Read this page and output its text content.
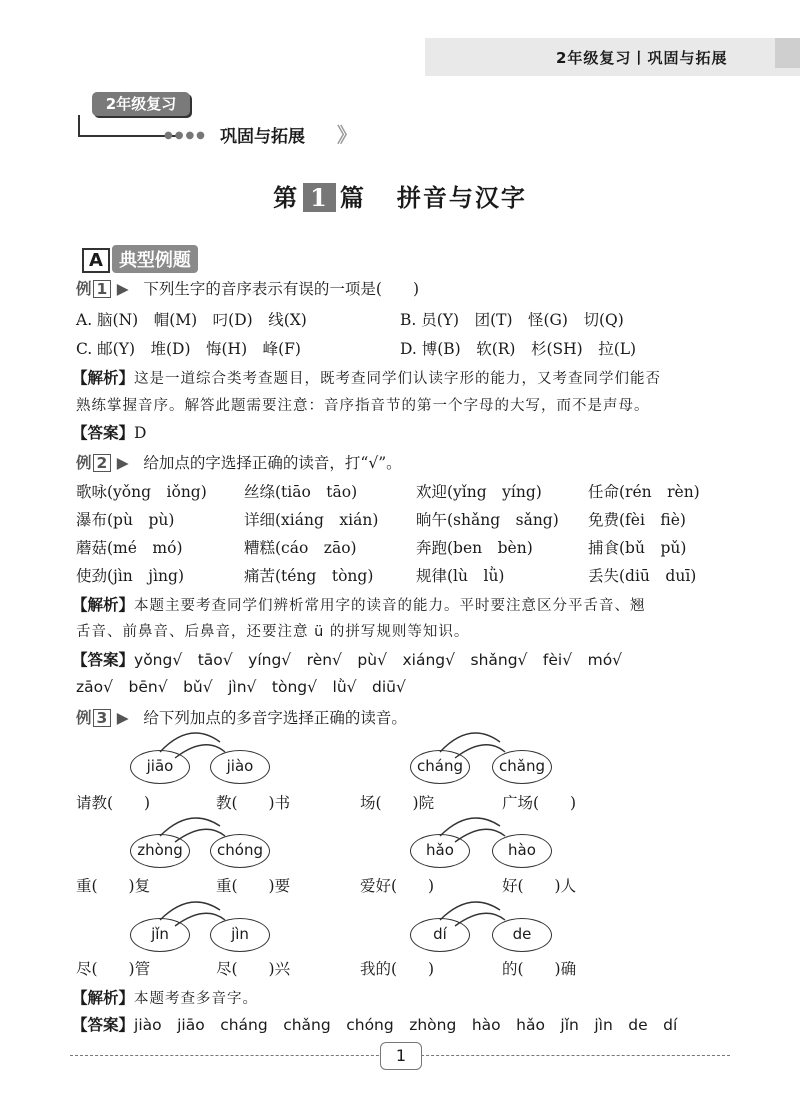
2年级复习丨巩固与拓展
2年级复习
●●●● 巩固与拓展 》
第 1 篇 拼音与汉字
A 典型例题
例 1 ▶ 下列生字的音序表示有误的一项是(　　)
A. 脑(N)　帽(M)　叼(D)　线(X)	B. 员(Y)　团(T)　怪(G)　切(Q)
C. 邮(Y)　堆(D)　悔(H)　峰(F)	D. 博(B)　软(R)　杉(SH)　拉(L)
【解析】这是一道综合类考查题目，既考查同学们认读字形的能力，又考查同学们能否
熟练掌握音序。解答此题需要注意：音序指音节的第一个字母的大写，而不是声母。
【答案】D
例 2 ▶ 给加点的字选择正确的读音，打“√”。
歌咏(yǒng　iǒng) 丝绦(tiāo　tāo)	欢迎(yǐng　yíng)	任命(rén　rèn)
瀑布(pù　pù)	详细(xiáng　xián) 晌午(shǎng　sǎng) 免费(fèi　fiè)
蘑菇(mé　mó)	糟糕(cáo　zāo)	奔跑(ben　bèn)	捕食(bǔ　pǔ)
使劲(jìn　jìng)	痛苦(téng　tòng)	规律(lù　lǜ)	丢失(diū　duī)
【解析】本题主要考查同学们辨析常用字的读音的能力。平时要注意区分平舌音、翘
舌音、前鼻音、后鼻音，还要注意 ü 的拼写规则等知识。
【答案】yǒng√　tāo√　yíng√　rèn√　pù√　xiáng√　shǎng√　fèi√　mó√
zāo√　bēn√　bǔ√　jìn√　tòng√　lǜ√　diū√
例 3 ▶ 给下列加点的多音字选择正确的读音。
jiāo	jiào
请教(　　)	教(　　)书
cháng	chǎng
场(　　)院	广场(　　)
zhòng	chóng
重(　　)复	重(　　)要
hǎo	hào
爱好(　　)	好(　　)人
jǐn	jìn
尽(　　)管	尽(　　)兴
dí	de
我的(　　)	的(　　)确
【解析】本题考查多音字。
【答案】jiào　jiāo　cháng　chǎng　chóng　zhòng　hào　hǎo　jǐn　jìn　de　dí
1
